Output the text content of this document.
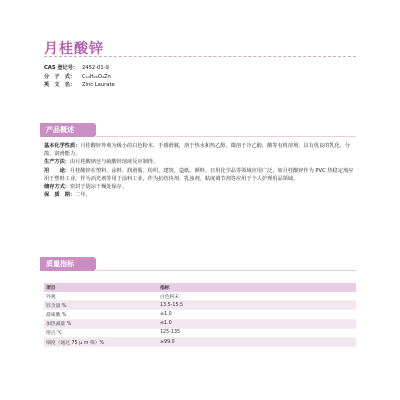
月桂酸锌
CAS 登记号： 2452-01-9
分　子　式：	C₂₄H₄₆O₄Zn
英　文　名：	Zinc Laurate
产品概述

基本化学性质：月桂酸锌外观为极小的白色粉末，手感滑腻，溶于热水和热乙醇，微溶于冷乙醇，酸等有机溶剂，具有优良的乳化、分散、润滑能力。

生产方法：由月桂酸钠皂与硫酸锌溶液反应制得。

用　　途：月桂酸锌在塑料、涂料、润滑脂、纺织、建筑、造纸、颜料、日用化学品等领域应用广泛，如月桂酸锌作为 PVC 热稳定剂应用于塑料工业，作为消光剂等用于涂料工业，作为抗结块剂、乳浊剂、粘度调节剂等应用于个人护理用品领域。

储存方式：密封于阴凉干燥处保存。

保　质　期：二年。

质量指标
项目	指标
外观	白色粉末
锌含量 %	13.5-15.5
游离酸 %	≤1.0
加热减量 %	≤1.0
熔点 ℃	125-135
细度（通过 75 μ m 筛）%	≥99.0
